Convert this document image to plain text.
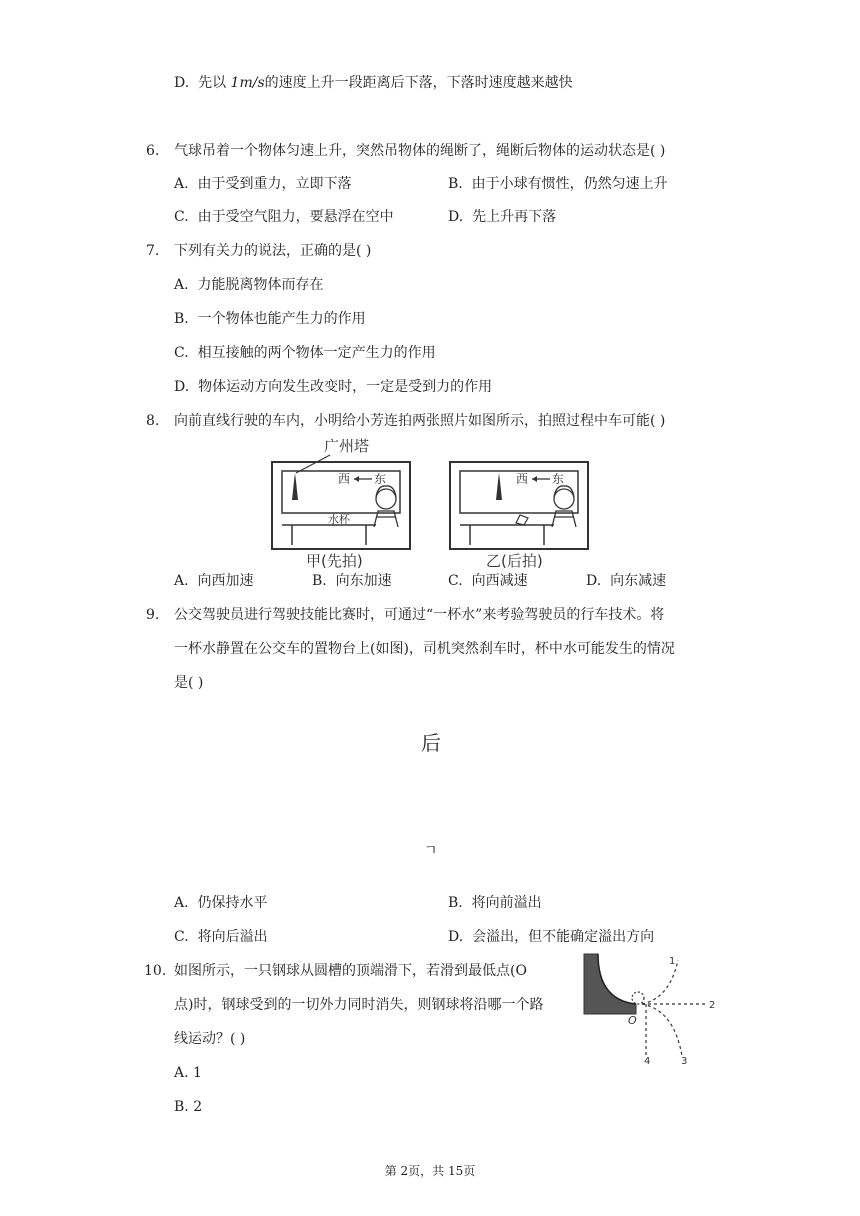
D. 先以 1m/s的速度上升一段距离后下落，下落时速度越来越快
6. 气球吊着一个物体匀速上升，突然吊物体的绳断了，绳断后物体的运动状态是( )
A. 由于受到重力，立即下落	B. 由于小球有惯性，仍然匀速上升
C. 由于受空气阻力，要悬浮在空中	D. 先上升再下落
7. 下列有关力的说法，正确的是( )
A. 力能脱离物体而存在
B. 一个物体也能产生力的作用
C. 相互接触的两个物体一定产生力的作用
D. 物体运动方向发生改变时，一定是受到力的作用
8. 向前直线行驶的车内，小明给小芳连拍两张照片如图所示，拍照过程中车可能( )
广州塔
西 东
水杯
西 东
甲(先拍)	乙(后拍)
A. 向西加速	B. 向东加速	C. 向西减速	D. 向东减速
9. 公交驾驶员进行驾驶技能比赛时，可通过“一杯水”来考验驾驶员的行车技术。将
一杯水静置在公交车的置物台上(如图)，司机突然刹车时，杯中水可能发生的情况
是( )
后
ㄱ
A. 仍保持水平	B. 将向前溢出
C. 将向后溢出	D. 会溢出，但不能确定溢出方向
10. 如图所示，一只钢球从圆槽的顶端滑下，若滑到最低点(O
点)时，钢球受到的一切外力同时消失，则钢球将沿哪一个路
线运动？( )
1
2
3
4
O
A. 1
B. 2
第 2页，共 15页
